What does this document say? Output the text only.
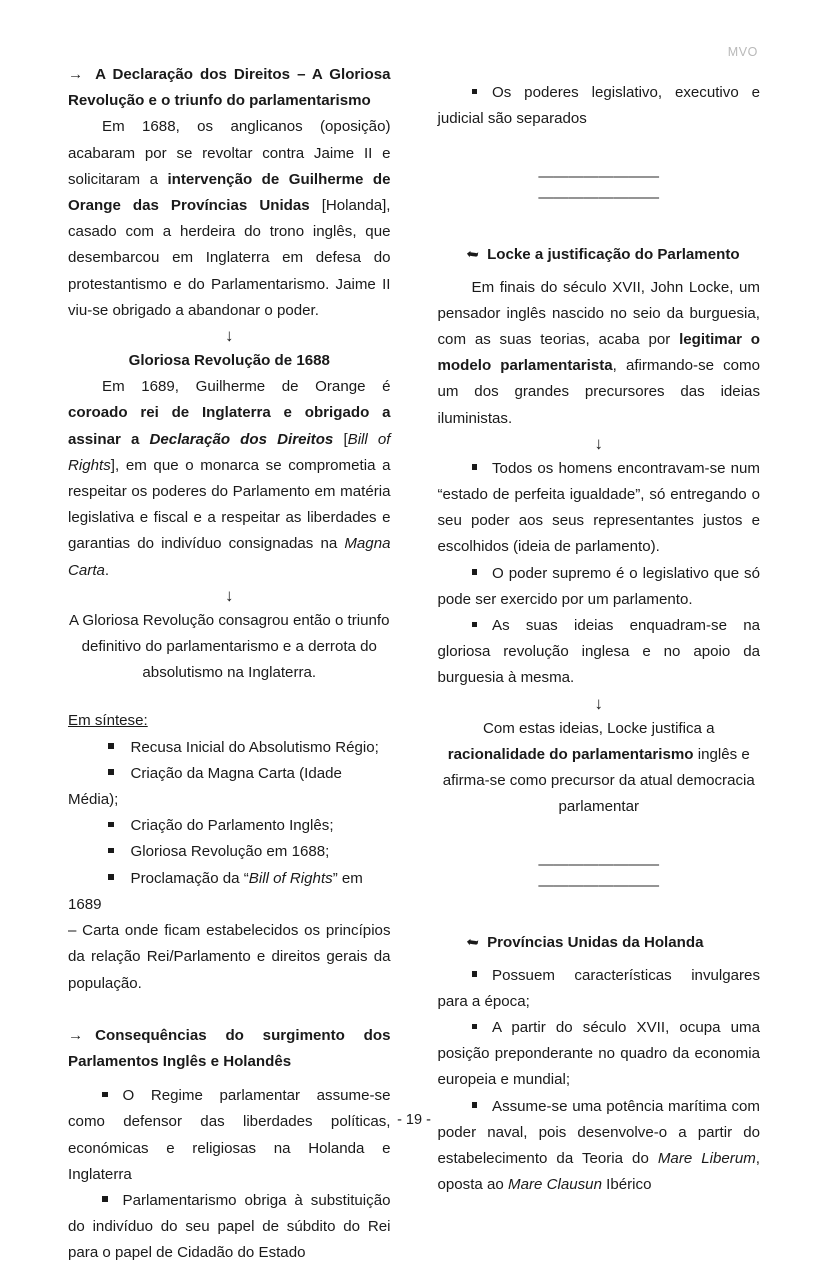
MVO
→ A Declaração dos Direitos – A Gloriosa Revolução e o triunfo do parlamentarismo

Em 1688, os anglicanos (oposição) acabaram por se revoltar contra Jaime II e solicitaram a intervenção de Guilherme de Orange das Províncias Unidas [Holanda], casado com a herdeira do trono inglês, que desembarcou em Inglaterra em defesa do protestantismo e do Parlamentarismo. Jaime II viu-se obrigado a abandonar o poder.

↓
Gloriosa Revolução de 1688

Em 1689, Guilherme de Orange é coroado rei de Inglaterra e obrigado a assinar a Declaração dos Direitos [Bill of Rights], em que o monarca se comprometia a respeitar os poderes do Parlamento em matéria legislativa e fiscal e a respeitar as liberdades e garantias do indivíduo consignadas na Magna Carta.

↓
A Gloriosa Revolução consagrou então o triunfo definitivo do parlamentarismo e a derrota do absolutismo na Inglaterra.
Em síntese:

Recusa Inicial do Absolutismo Régio;

Criação da Magna Carta (Idade Média);

Criação do Parlamento Inglês;

Gloriosa Revolução em 1688;

Proclamação da “Bill of Rights” em 1689

– Carta onde ficam estabelecidos os princípios da relação Rei/Parlamento e direitos gerais da população.

→ Consequências do surgimento dos Parlamentos Inglês e Holandês

O Regime parlamentar assume-se como defensor das liberdades políticas, económicas e religiosas na Holanda e Inglaterra

Parlamentarismo obriga à substituição do indivíduo do seu papel de súbdito do Rei para o papel de Cidadão do Estado

Os poderes legislativo, executivo e judicial são separados

————————
————————
➥ Locke a justificação do Parlamento

Em finais do século XVII, John Locke, um pensador inglês nascido no seio da burguesia, com as suas teorias, acaba por legitimar o modelo parlamentarista, afirmando-se como um dos grandes precursores das ideias iluministas.

↓

Todos os homens encontravam-se num “estado de perfeita igualdade”, só entregando o seu poder aos seus representantes justos e escolhidos (ideia de parlamento).

O poder supremo é o legislativo que só pode ser exercido por um parlamento.

As suas ideias enquadram-se na gloriosa revolução inglesa e no apoio da burguesia à mesma.

↓
Com estas ideias, Locke justifica a racionalidade do parlamentarismo inglês e afirma-se como precursor da atual democracia parlamentar
————————
————————
➥ Províncias Unidas da Holanda

Possuem características invulgares para a época;

A partir do século XVII, ocupa uma posição preponderante no quadro da economia europeia e mundial;

Assume-se uma potência marítima com poder naval, pois desenvolve-o a partir do estabelecimento da Teoria do Mare Liberum, oposta ao Mare Clausun Ibérico

- 19 -
